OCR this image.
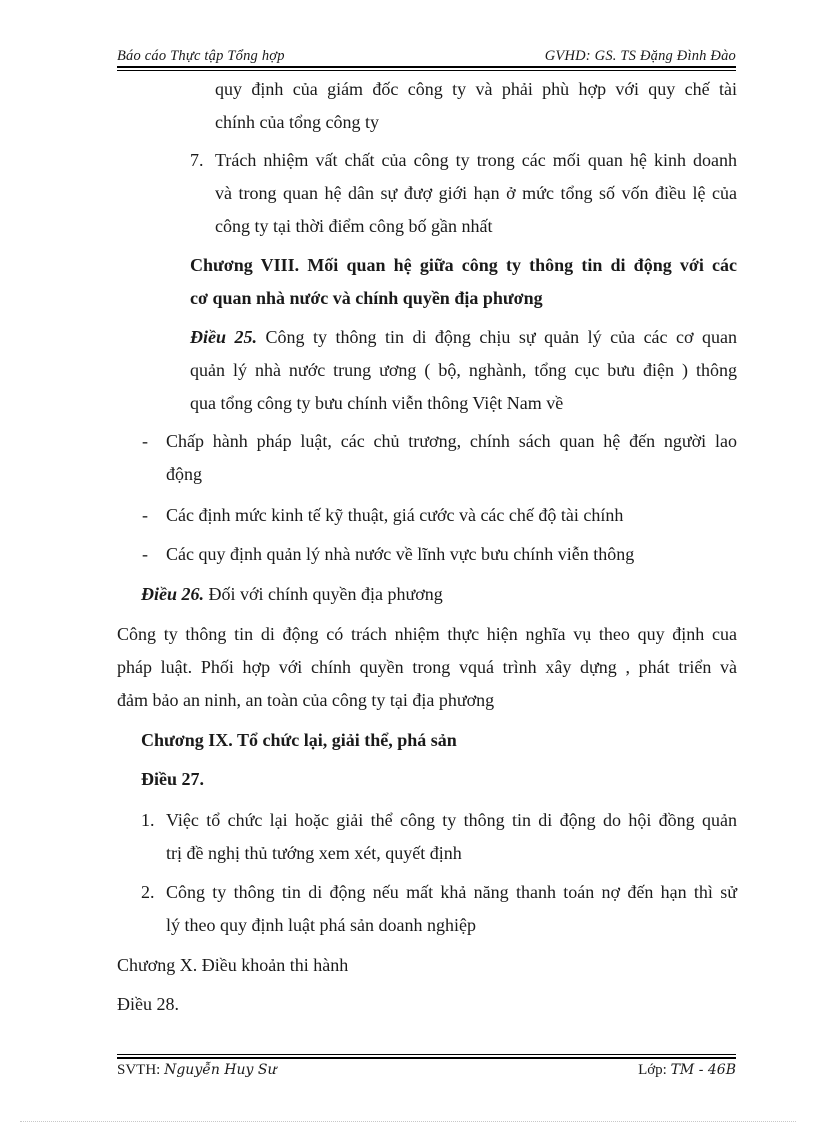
Báo cáo Thực tập Tổng hợp	GVHD: GS. TS Đặng Đình Đào

quy định của giám đốc công ty và phải phù hợp với quy chế tài

chính của tổng công ty

7. Trách nhiệm vất chất của công ty trong các mối quan hệ kinh doanh

và trong quan hệ dân sự đượ giới hạn ở mức tổng số vốn điều lệ của

công ty tại thời điểm công bố gần nhất

Chương VIII. Mối quan hệ giữa công ty thông tin di động với các

cơ quan nhà nước và chính quyền địa phương

Điều 25. Công ty thông tin di động chịu sự quản lý của các cơ quan

quản lý nhà nước trung ương ( bộ, nghành, tổng cục bưu điện ) thông

qua tổng công ty bưu chính viễn thông Việt Nam về

- Chấp hành pháp luật, các chủ trương, chính sách quan hệ đến người lao

động

- Các định mức kinh tế kỹ thuật, giá cước và các chế độ tài chính

- Các quy định quản lý nhà nước về lĩnh vực bưu chính viễn thông

Điều 26. Đối với chính quyền địa phương

Công ty thông tin di động có trách nhiệm thực hiện nghĩa vụ theo quy định cua

pháp luật. Phối hợp với chính quyền trong vquá trình xây dựng , phát triển và

đảm bảo an ninh, an toàn của công ty tại địa phương

Chương IX. Tổ chức lại, giải thể, phá sản

Điều 27.

1. Việc tổ chức lại hoặc giải thể công ty thông tin di động do hội đồng quản

trị đề nghị thủ tướng xem xét, quyết định

2. Công ty thông tin di động nếu mất khả năng thanh toán nợ đến hạn thì sử

lý theo quy định luật phá sản doanh nghiệp

Chương X. Điều khoản thi hành

Điều 28.

SVTH: Nguyễn Huy Sư	Lớp: TM - 46B
